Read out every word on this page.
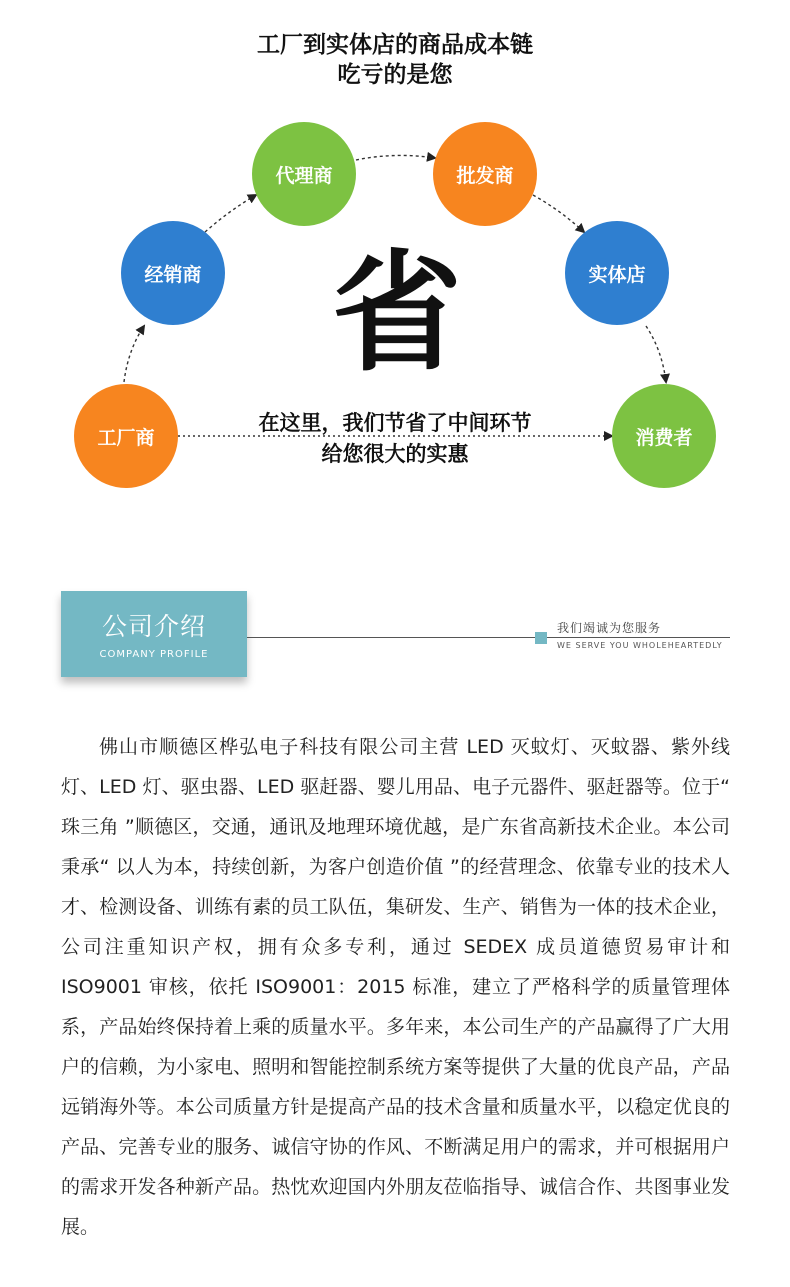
工厂到实体店的商品成本链
吃亏的是您
工厂商
经销商
代理商	批发商
实体店
消费者
省
在这里，我们节省了中间环节
给您很大的实惠
公司介绍
COMPANY PROFILE
我们竭诚为您服务
WE SERVE YOU WHOLEHEARTEDLY

佛山市顺德区桦弘电子科技有限公司主营 LED 灭蚊灯、灭蚊器、紫外线灯、LED 灯、驱虫器、LED 驱赶器、婴儿用品、电子元器件、驱赶器等。位于“ 珠三角 ”顺德区，交通，通讯及地理环境优越，是广东省高新技术企业。本公司秉承“ 以人为本，持续创新，为客户创造价值 ”的经营理念、依靠专业的技术人才、检测设备、训练有素的员工队伍，集研发、生产、销售为一体的技术企业，公司注重知识产权，拥有众多专利，通过 SEDEX 成员道德贸易审计和 ISO9001 审核，依托 ISO9001：2015 标准，建立了严格科学的质量管理体系，产品始终保持着上乘的质量水平。多年来，本公司生产的产品赢得了广大用户的信赖，为小家电、照明和智能控制系统方案等提供了大量的优良产品，产品远销海外等。本公司质量方针是提高产品的技术含量和质量水平，以稳定优良的产品、完善专业的服务、诚信守协的作风、不断满足用户的需求，并可根据用户的需求开发各种新产品。热忱欢迎国内外朋友莅临指导、诚信合作、共图事业发展。
